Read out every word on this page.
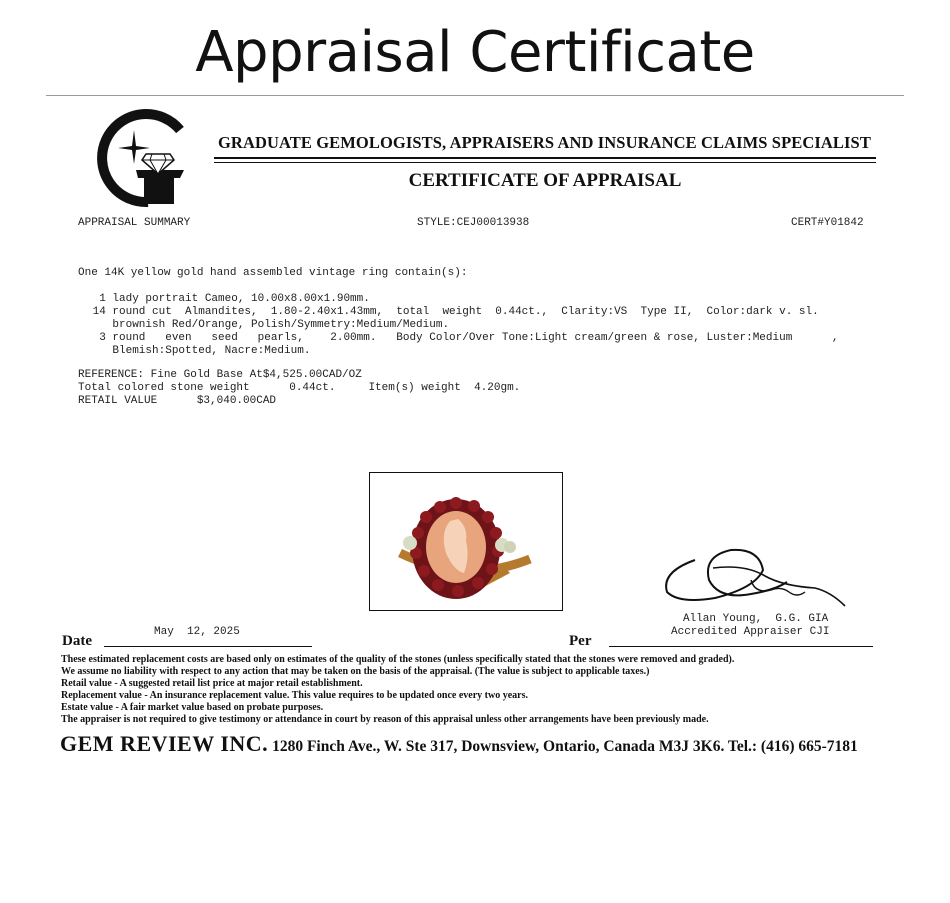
Appraisal Certificate
GRADUATE GEMOLOGISTS, APPRAISERS AND INSURANCE CLAIMS SPECIALIST
CERTIFICATE OF APPRAISAL
APPRAISAL SUMMARY	STYLE:CEJ00013938	CERT#Y01842
One 14K yellow gold hand assembled vintage ring contain(s):
1 lady portrait Cameo, 10.00x8.00x1.90mm.
14 round cut  Almandites,  1.80-2.40x1.43mm,  total  weight  0.44ct.,  Clarity:VS  Type II,  Color:dark v. sl.
brownish Red/Orange, Polish/Symmetry:Medium/Medium.
3 round   even   seed   pearls,    2.00mm.   Body Color/Over Tone:Light cream/green & rose, Luster:Medium      ,
Blemish:Spotted, Nacre:Medium.
REFERENCE: Fine Gold Base At$4,525.00CAD/OZ
Total colored stone weight      0.44ct.     Item(s) weight  4.20gm.
RETAIL VALUE      $3,040.00CAD
Allan Young,  G.G. GIA
Accredited Appraiser CJI
Date
May  12, 2025
Per
These estimated replacement costs are based only on estimates of the quality of the stones (unless specifically stated that the stones were removed and graded).
We assume no liability with respect to any action that may be taken on the basis of the appraisal. (The value is subject to applicable taxes.)
Retail value - A suggested retail list price at major retail establishment.
Replacement value - An insurance replacement value. This value requires to be updated once every two years.
Estate value - A fair market value based on probate purposes.
The appraiser is not required to give testimony or attendance in court by reason of this appraisal unless other arrangements have been previously made.
GEM REVIEW INC. 1280 Finch Ave., W. Ste 317, Downsview, Ontario, Canada M3J 3K6. Tel.: (416) 665-7181
